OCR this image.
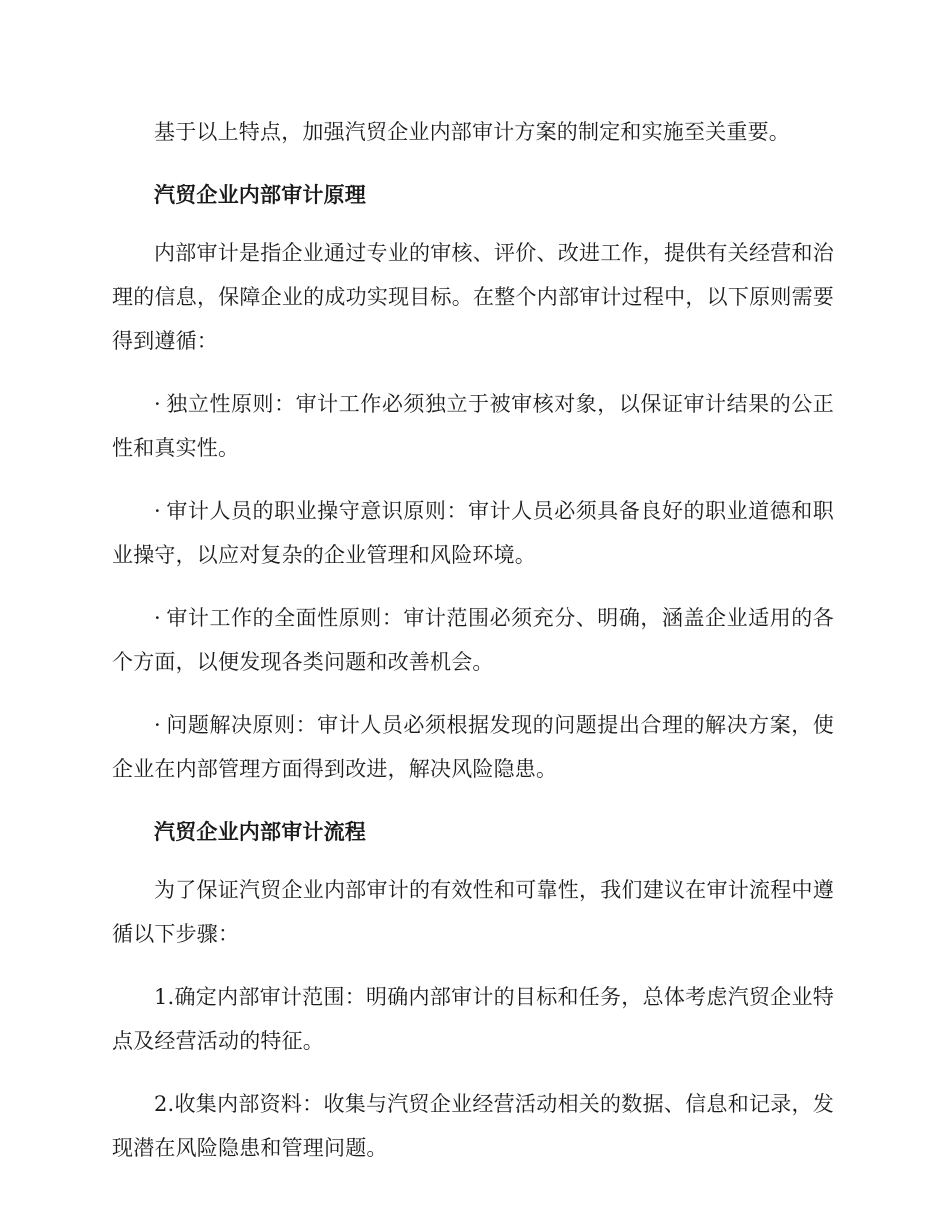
基于以上特点，加强汽贸企业内部审计方案的制定和实施至关重要。

汽贸企业内部审计原理

内部审计是指企业通过专业的审核、评价、改进工作，提供有关经营和治理的信息，保障企业的成功实现目标。在整个内部审计过程中，以下原则需要得到遵循：

· 独立性原则：审计工作必须独立于被审核对象，以保证审计结果的公正性和真实性。

· 审计人员的职业操守意识原则：审计人员必须具备良好的职业道德和职业操守，以应对复杂的企业管理和风险环境。

· 审计工作的全面性原则：审计范围必须充分、明确，涵盖企业适用的各个方面，以便发现各类问题和改善机会。

· 问题解决原则：审计人员必须根据发现的问题提出合理的解决方案，使企业在内部管理方面得到改进，解决风险隐患。

汽贸企业内部审计流程

为了保证汽贸企业内部审计的有效性和可靠性，我们建议在审计流程中遵循以下步骤：

1.确定内部审计范围：明确内部审计的目标和任务，总体考虑汽贸企业特点及经营活动的特征。

2.收集内部资料：收集与汽贸企业经营活动相关的数据、信息和记录，发现潜在风险隐患和管理问题。
